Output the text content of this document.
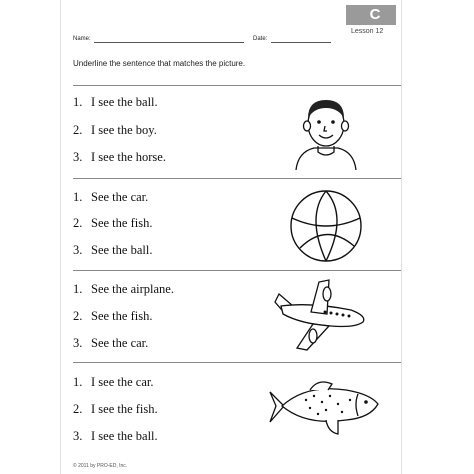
C
Lesson 12
Name:	Date:
Underline the sentence that matches the picture.
1. I see the ball.
2. I see the boy.
3. I see the horse.
1. See the car.
2. See the fish.
3. See the ball.
1. See the airplane.
2. See the fish.
3. See the car.
1. I see the car.
2. I see the fish.
3. I see the ball.
© 2011 by PRO-ED, Inc.
